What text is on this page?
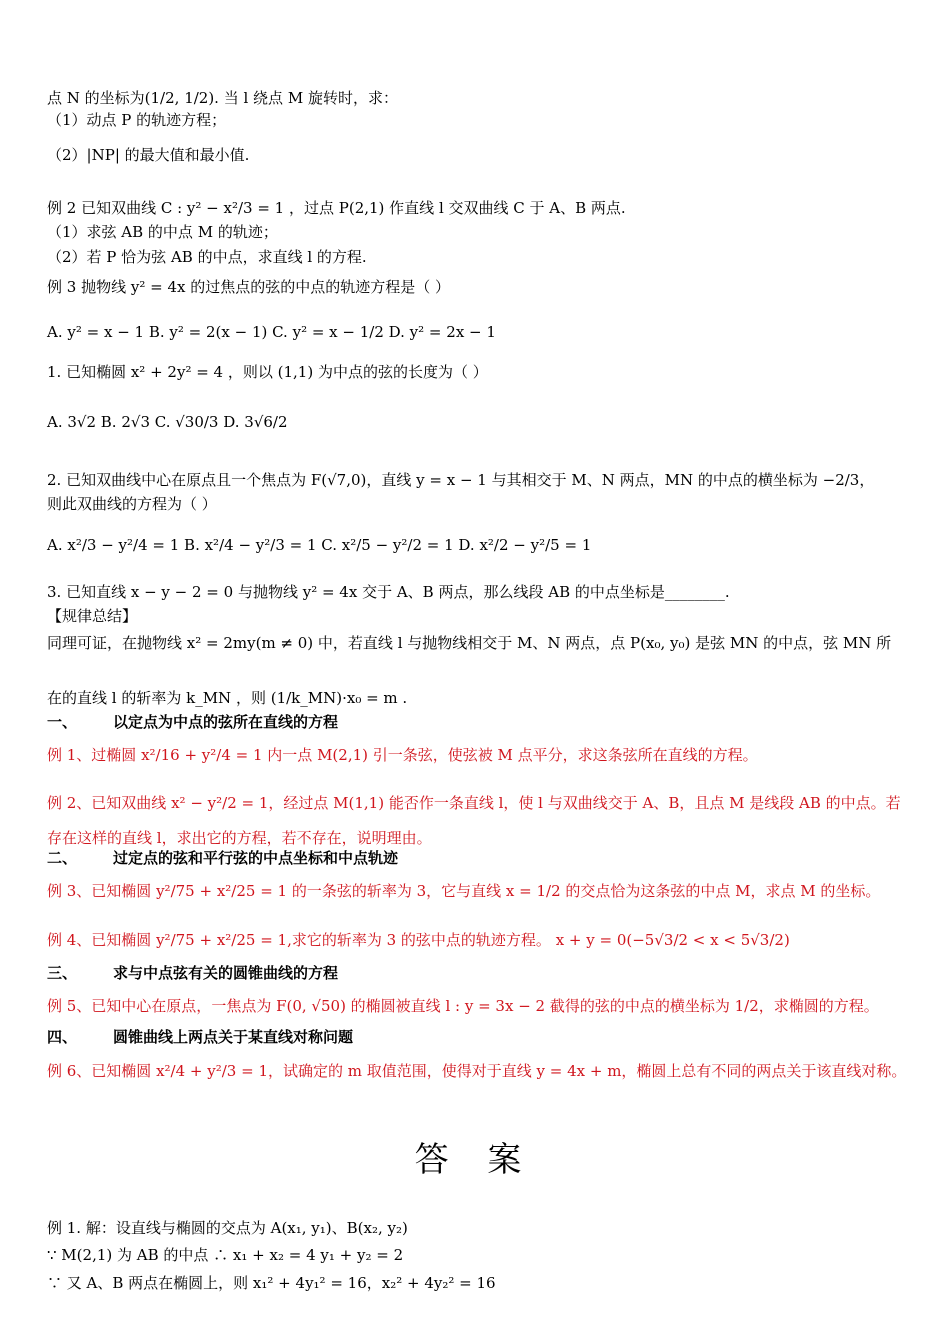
点 N 的坐标为(1/2, 1/2). 当 l 绕点 M 旋转时，求：
（1）动点 P 的轨迹方程；
（2）|NP| 的最大值和最小值.
例 2 已知双曲线 C : y² − x²/3 = 1 ，过点 P(2,1) 作直线 l 交双曲线 C 于 A、B 两点.
（1）求弦 AB 的中点 M 的轨迹；
（2）若 P 恰为弦 AB 的中点，求直线 l 的方程.
例 3 抛物线 y² = 4x 的过焦点的弦的中点的轨迹方程是（ ）
A. y² = x − 1 B. y² = 2(x − 1) C. y² = x − 1/2 D. y² = 2x − 1
1. 已知椭圆 x² + 2y² = 4 ，则以 (1,1) 为中点的弦的长度为（ ）
A. 3√2 B. 2√3 C. √30/3 D. 3√6/2
2. 已知双曲线中心在原点且一个焦点为 F(√7,0)，直线 y = x − 1 与其相交于 M、N 两点，MN 的中点的横坐标为 −2/3，
则此双曲线的方程为（ ）
A. x²/3 − y²/4 = 1 B. x²/4 − y²/3 = 1 C. x²/5 − y²/2 = 1 D. x²/2 − y²/5 = 1
3. 已知直线 x − y − 2 = 0 与抛物线 y² = 4x 交于 A、B 两点，那么线段 AB 的中点坐标是________.
【规律总结】
同理可证，在抛物线 x² = 2my(m ≠ 0) 中，若直线 l 与抛物线相交于 M、N 两点，点 P(x₀, y₀) 是弦 MN 的中点，弦 MN 所
在的直线 l 的斩率为 k_MN ，则 (1/k_MN)·x₀ = m .
一、 以定点为中点的弦所在直线的方程
二、 过定点的弦和平行弦的中点坐标和中点轨迹
三、 求与中点弦有关的圆锥曲线的方程
四、 圆锥曲线上两点关于某直线对称问题
例 1、过椭圆 x²/16 + y²/4 = 1 内一点 M(2,1) 引一条弦，使弦被 M 点平分，求这条弦所在直线的方程。
例 2、已知双曲线 x² − y²/2 = 1，经过点 M(1,1) 能否作一条直线 l，使 l 与双曲线交于 A、B，且点 M 是线段 AB 的中点。若
存在这样的直线 l，求出它的方程，若不存在，说明理由。
例 3、已知椭圆 y²/75 + x²/25 = 1 的一条弦的斩率为 3，它与直线 x = 1/2 的交点恰为这条弦的中点 M，求点 M 的坐标。
例 4、已知椭圆 y²/75 + x²/25 = 1,求它的斩率为 3 的弦中点的轨迹方程。 x + y = 0(−5√3/2 < x < 5√3/2)
例 5、已知中心在原点，一焦点为 F(0, √50) 的椭圆被直线 l : y = 3x − 2 截得的弦的中点的横坐标为 1/2，求椭圆的方程。
例 6、已知椭圆 x²/4 + y²/3 = 1，试确定的 m 取值范围，使得对于直线 y = 4x + m，椭圆上总有不同的两点关于该直线对称。
答 案
例 1. 解：设直线与椭圆的交点为 A(x₁, y₁)、B(x₂, y₂)
∵ M(2,1) 为 AB 的中点 ∴ x₁ + x₂ = 4 y₁ + y₂ = 2
∵ 又 A、B 两点在椭圆上，则 x₁² + 4y₁² = 16，x₂² + 4y₂² = 16
